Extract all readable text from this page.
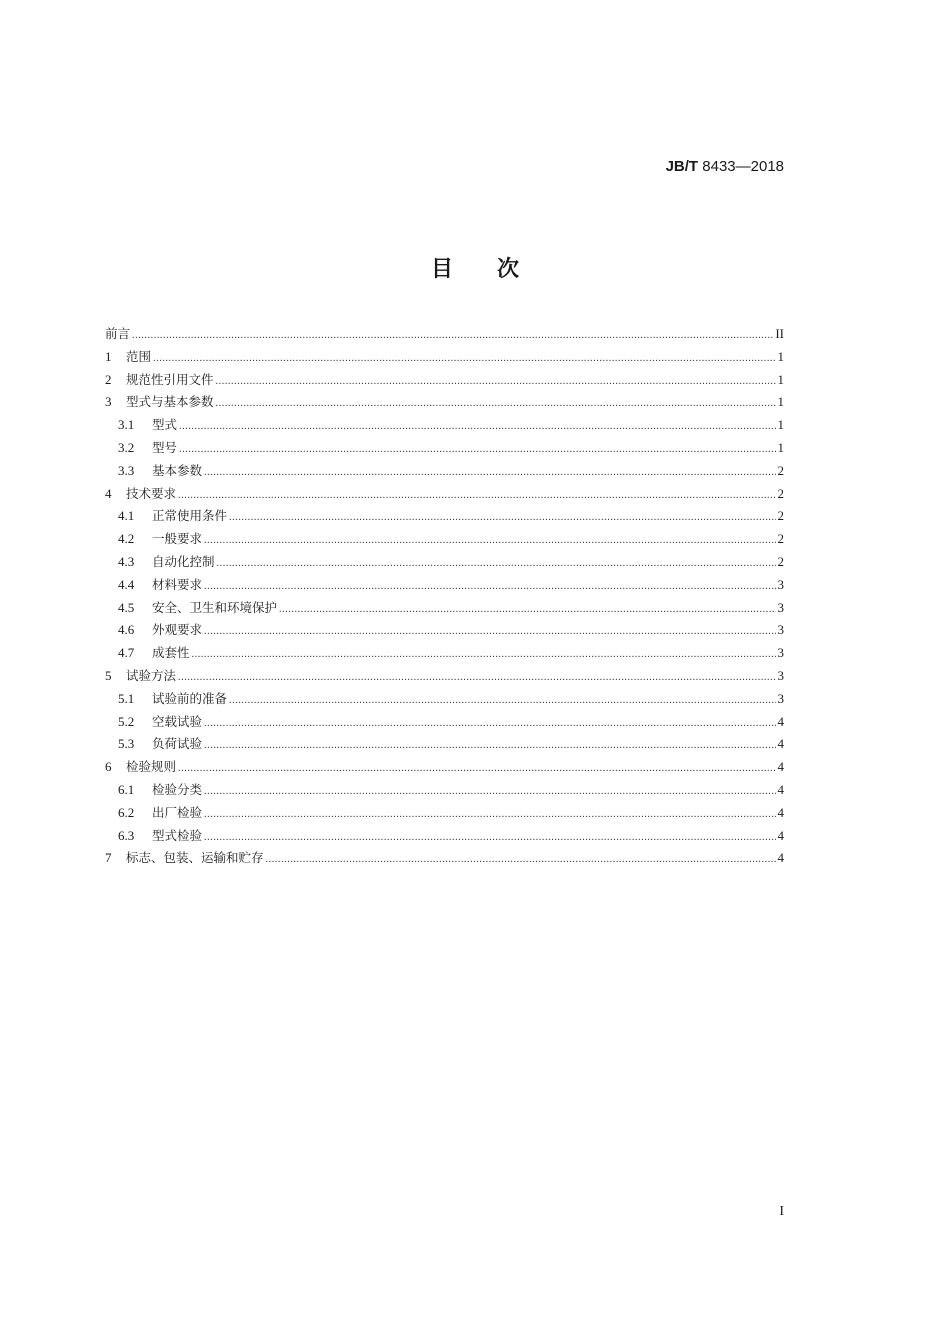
JB/T 8433—2018
目 次
前言 .....	II
1	范围 .....	1
2	规范性引用文件 .....	1
3	型式与基本参数 .....	1
3.1	型式 .....	1
3.2	型号 .....	1
3.3	基本参数 .....	2
4	技术要求 .....	2
4.1	正常使用条件 .....	2
4.2	一般要求 .....	2
4.3	自动化控制 .....	2
4.4	材料要求 .....	3
4.5	安全、卫生和环境保护 .....	3
4.6	外观要求 .....	3
4.7	成套性 .....	3
5	试验方法 .....	3
5.1	试验前的准备 .....	3
5.2	空载试验 .....	4
5.3	负荷试验 .....	4
6	检验规则 .....	4
6.1	检验分类 .....	4
6.2	出厂检验 .....	4
6.3	型式检验 .....	4
7	标志、包装、运输和贮存 .....	4
I
